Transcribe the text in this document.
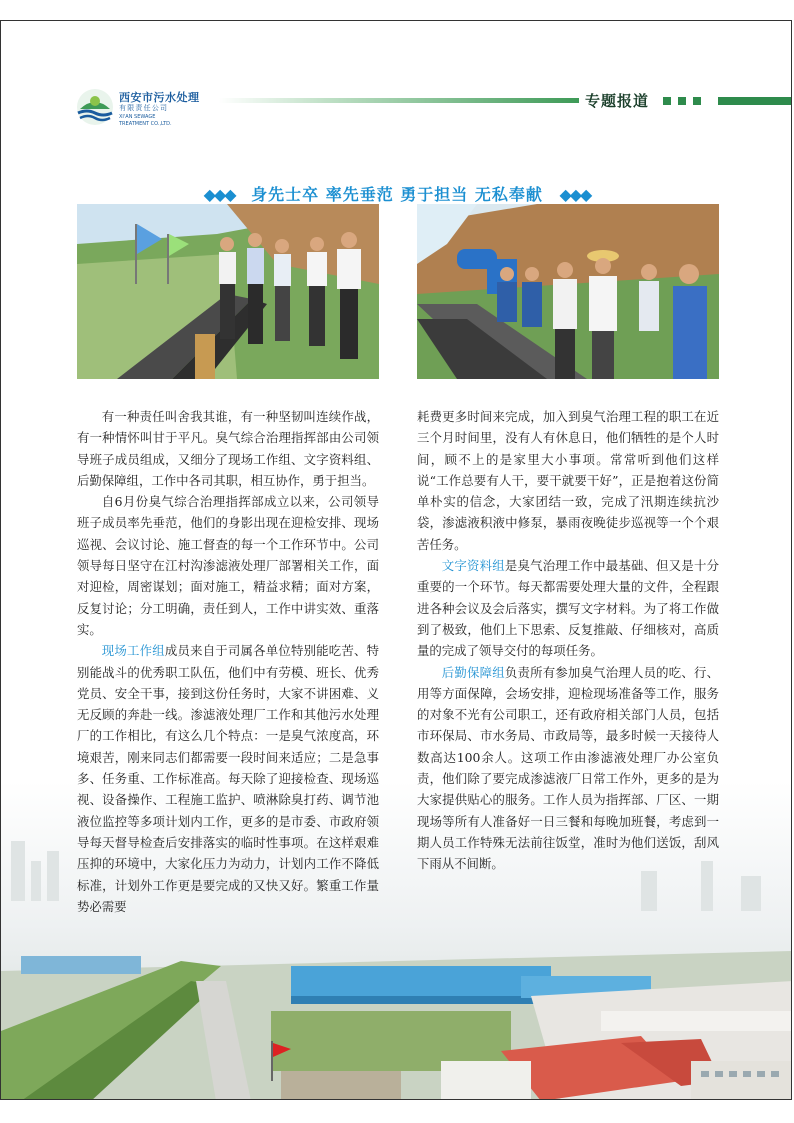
西安市污水处理
有限责任公司
XI'AN SEWAGE
TREATMENT CO.,LTD.
专题报道
◆◆◆ 身先士卒 率先垂范 勇于担当 无私奉献 ◆◆◆

有一种责任叫舍我其谁，有一种坚韧叫连续作战，有一种情怀叫甘于平凡。臭气综合治理指挥部由公司领导班子成员组成，又细分了现场工作组、文字资料组、后勤保障组，工作中各司其职，相互协作，勇于担当。

自6月份臭气综合治理指挥部成立以来，公司领导班子成员率先垂范，他们的身影出现在迎检安排、现场巡视、会议讨论、施工督查的每一个工作环节中。公司领导每日坚守在江村沟渗滤液处理厂部署相关工作，面对迎检，周密谋划；面对施工，精益求精；面对方案，反复讨论；分工明确，责任到人，工作中讲实效、重落实。

现场工作组成员来自于司属各单位特别能吃苦、特别能战斗的优秀职工队伍，他们中有劳模、班长、优秀党员、安全干事，接到这份任务时，大家不讲困难、义无反顾的奔赴一线。渗滤液处理厂工作和其他污水处理厂的工作相比，有这么几个特点：一是臭气浓度高，环境艰苦，刚来同志们都需要一段时间来适应；二是急事多、任务重、工作标准高。每天除了迎接检查、现场巡视、设备操作、工程施工监护、喷淋除臭打药、调节池液位监控等多项计划内工作，更多的是市委、市政府领导每天督导检查后安排落实的临时性事项。在这样艰难压抑的环境中，大家化压力为动力，计划内工作不降低标准，计划外工作更是要完成的又快又好。繁重工作量势必需要

耗费更多时间来完成，加入到臭气治理工程的职工在近三个月时间里，没有人有休息日，他们牺牲的是个人时间，顾不上的是家里大小事项。常常听到他们这样说“工作总要有人干，要干就要干好”，正是抱着这份简单朴实的信念，大家团结一致，完成了汛期连续抗沙袋，渗滤液积液中修泵，暴雨夜晚徒步巡视等一个个艰苦任务。

文字资料组是臭气治理工作中最基础、但又是十分重要的一个环节。每天都需要处理大量的文件，全程跟进各种会议及会后落实，撰写文字材料。为了将工作做到了极致，他们上下思索、反复推敲、仔细核对，高质量的完成了领导交付的每项任务。

后勤保障组负责所有参加臭气治理人员的吃、行、用等方面保障，会场安排，迎检现场准备等工作，服务的对象不光有公司职工，还有政府相关部门人员，包括市环保局、市水务局、市政局等，最多时候一天接待人数高达100余人。这项工作由渗滤液处理厂办公室负责，他们除了要完成渗滤液厂日常工作外，更多的是为大家提供贴心的服务。工作人员为指挥部、厂区、一期现场等所有人准备好一日三餐和每晚加班餐，考虑到一期人员工作特殊无法前往饭堂，准时为他们送饭，刮风下雨从不间断。
